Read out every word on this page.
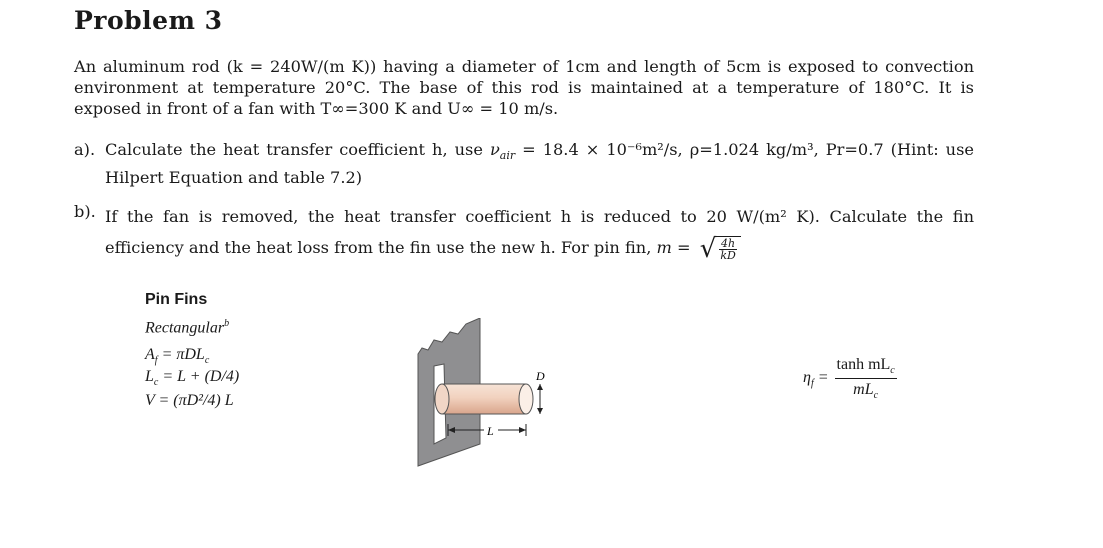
Problem 3
An aluminum rod (k = 240W/(m K)) having a diameter of 1cm and length of 5cm is exposed to convection environment at temperature 20°C. The base of this rod is maintained at a temperature of 180°C. It is exposed in front of a fan with T∞=300 K and U∞ = 10 m/s.
a). Calculate the heat transfer coefficient h, use $\nu_{air} = 18.4 \times 10^{-6}m^2/s$, ρ=1.024 kg/m³, Pr=0.7 (Hint: use Hilpert Equation and table 7.2)
b). If the fan is removed, the heat transfer coefficient h is reduced to 20 W/(m² K). Calculate the fin efficiency and the heat loss from the fin use the new h. For pin fin, m = √ $\frac{4h}{kD}$
Pin Fins
Rectangular$^b$
$A_f = \pi DL_c$
$L_c = L + (D/4)$
V = (πD²/4) L
D
L
$\eta_f$ =
$\tanh mL_c$
$mL_c$
